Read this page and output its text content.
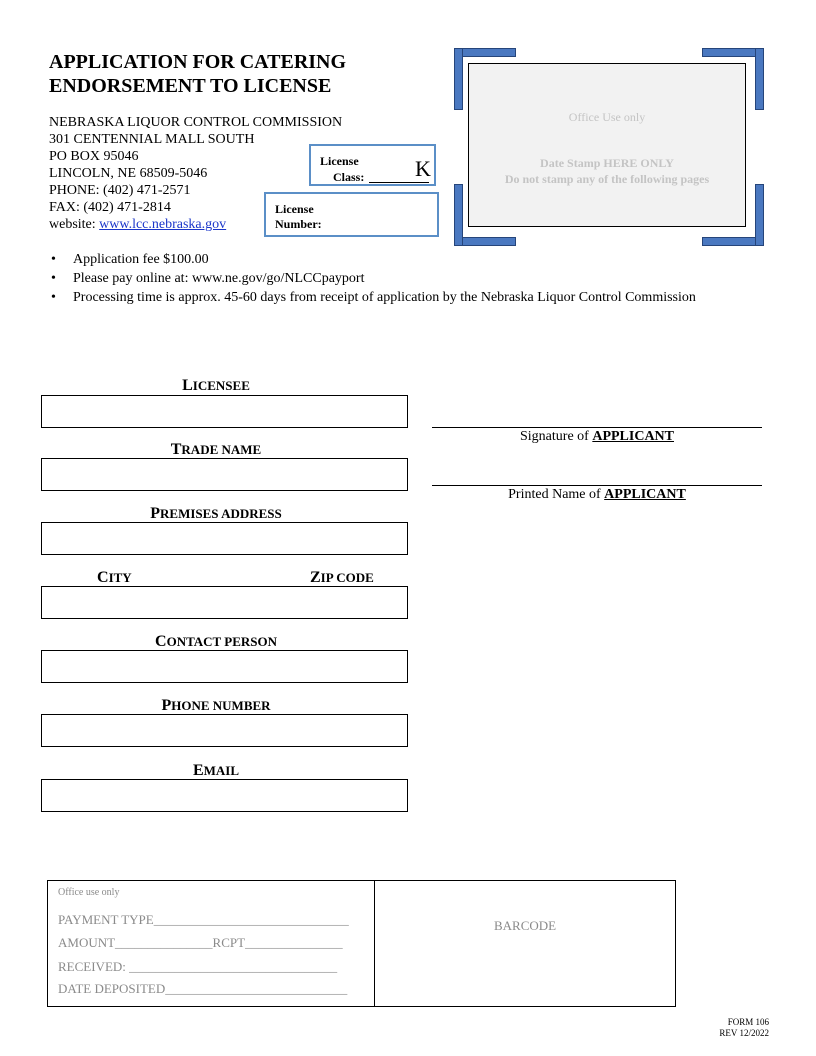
APPLICATION FOR CATERING
ENDORSEMENT TO LICENSE
NEBRASKA LIQUOR CONTROL COMMISSION
301 CENTENNIAL MALL SOUTH
PO BOX 95046
LINCOLN, NE 68509-5046
PHONE: (402) 471-2571
FAX: (402) 471-2814
website: www.lcc.nebraska.gov
License
Class: K
License
Number:
Office Use only
Date Stamp HERE ONLY
Do not stamp any of the following pages
• Application fee $100.00
• Please pay online at: www.ne.gov/go/NLCCpayport
• Processing time is approx. 45-60 days from receipt of application by the Nebraska Liquor Control Commission
LICENSEE
TRADE NAME
PREMISES ADDRESS
CITY	ZIP CODE
CONTACT PERSON
PHONE NUMBER
EMAIL
Signature of APPLICANT
Printed Name of APPLICANT
Office use only
PAYMENT TYPE______________________________
AMOUNT_______________RCPT_______________
RECEIVED: ________________________________
DATE DEPOSITED____________________________
BARCODE
FORM 106
REV 12/2022
